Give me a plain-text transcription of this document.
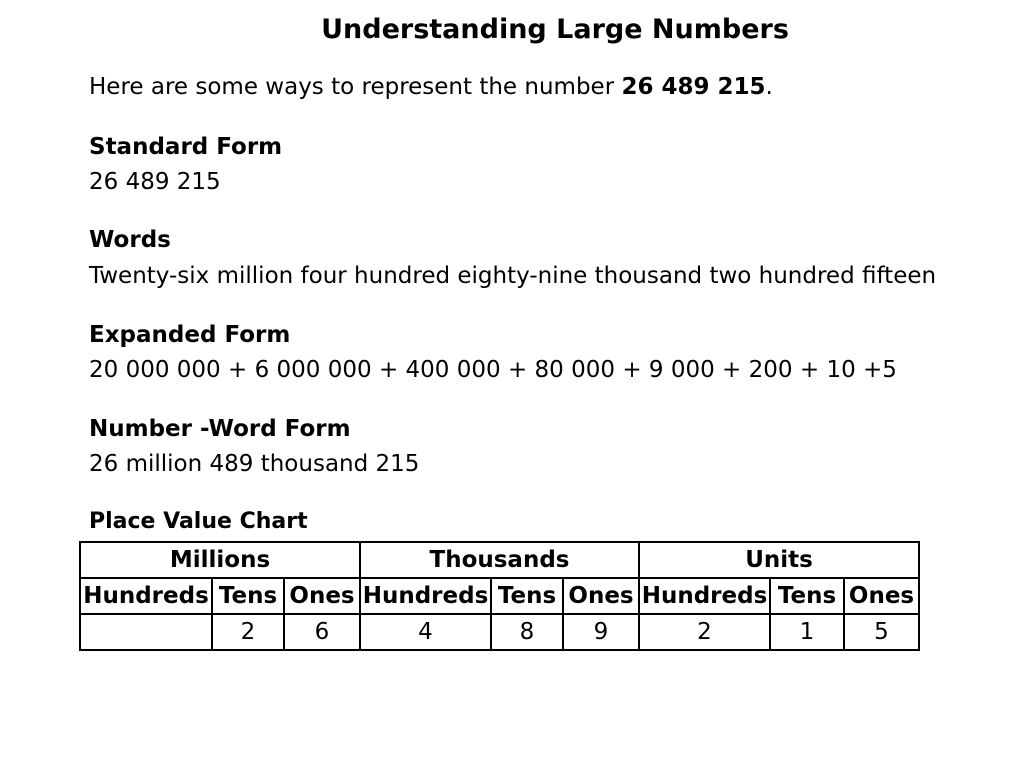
Understanding Large Numbers
Here are some ways to represent the number 26 489 215.
Standard Form
26 489 215
Words
Twenty-six million four hundred eighty-nine thousand two hundred fifteen
Expanded Form
20 000 000 + 6 000 000 + 400 000 + 80 000 + 9 000 + 200 + 10 +5
Number -Word Form
26 million 489 thousand 215
Place Value Chart
Millions			Thousands			Units		
Hundreds	Tens	Ones	Hundreds	Tens	Ones	Hundreds	Tens	Ones
	2	6	4	8	9	2	1	5
